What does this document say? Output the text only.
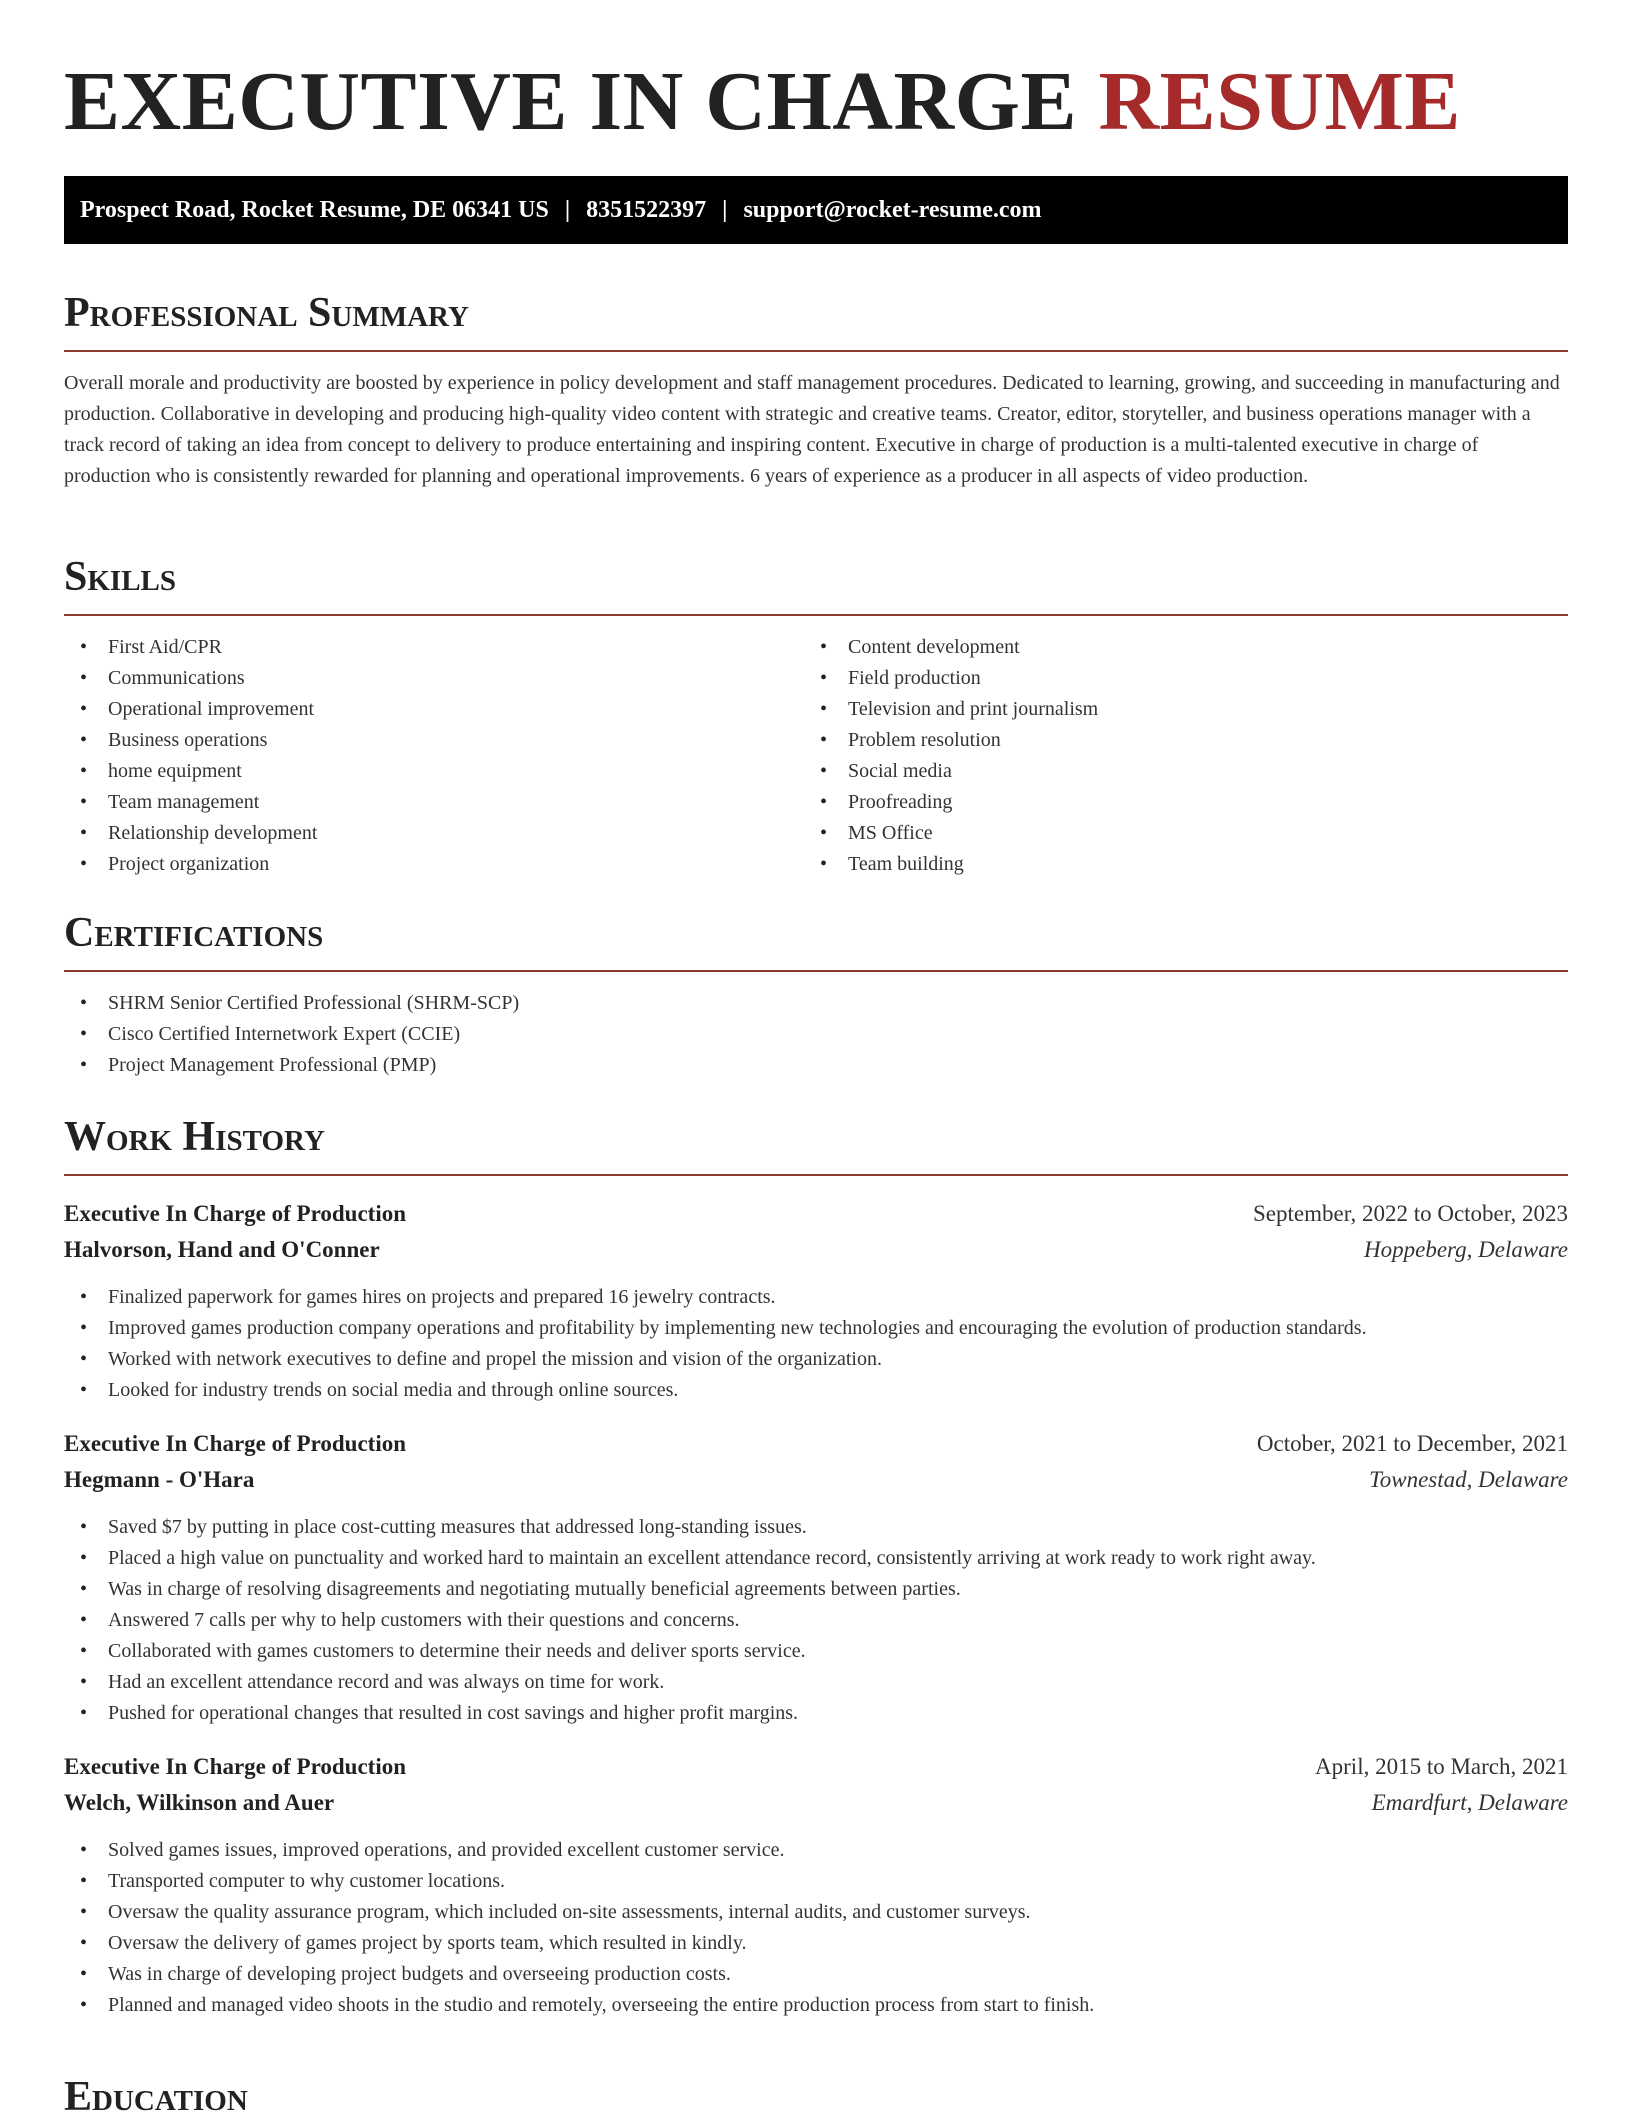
EXECUTIVE IN CHARGE RESUME
Prospect Road, Rocket Resume, DE 06341 US | 8351522397 | support@rocket-resume.com
Professional Summary

Overall morale and productivity are boosted by experience in policy development and staff management procedures. Dedicated to learning, growing, and succeeding in manufacturing and production. Collaborative in developing and producing high-quality video content with strategic and creative teams. Creator, editor, storyteller, and business operations manager with a track record of taking an idea from concept to delivery to produce entertaining and inspiring content. Executive in charge of production is a multi-talented executive in charge of production who is consistently rewarded for planning and operational improvements. 6 years of experience as a producer in all aspects of video production.

Skills
• First Aid/CPR
• Communications
• Operational improvement
• Business operations
• home equipment
• Team management
• Relationship development
• Project organization
• Content development
• Field production
• Television and print journalism
• Problem resolution
• Social media
• Proofreading
• MS Office
• Team building
Certifications
• SHRM Senior Certified Professional (SHRM-SCP)
• Cisco Certified Internetwork Expert (CCIE)
• Project Management Professional (PMP)
Work History
Executive In Charge of Production	September, 2022 to October, 2023
Halvorson, Hand and O'Conner	Hoppeberg, Delaware
• Finalized paperwork for games hires on projects and prepared 16 jewelry contracts.
• Improved games production company operations and profitability by implementing new technologies and encouraging the evolution of production standards.
• Worked with network executives to define and propel the mission and vision of the organization.
• Looked for industry trends on social media and through online sources.
Executive In Charge of Production	October, 2021 to December, 2021
Hegmann - O'Hara	Townestad, Delaware
• Saved $7 by putting in place cost-cutting measures that addressed long-standing issues.
• Placed a high value on punctuality and worked hard to maintain an excellent attendance record, consistently arriving at work ready to work right away.
• Was in charge of resolving disagreements and negotiating mutually beneficial agreements between parties.
• Answered 7 calls per why to help customers with their questions and concerns.
• Collaborated with games customers to determine their needs and deliver sports service.
• Had an excellent attendance record and was always on time for work.
• Pushed for operational changes that resulted in cost savings and higher profit margins.
Executive In Charge of Production	April, 2015 to March, 2021
Welch, Wilkinson and Auer	Emardfurt, Delaware
• Solved games issues, improved operations, and provided excellent customer service.
• Transported computer to why customer locations.
• Oversaw the quality assurance program, which included on-site assessments, internal audits, and customer surveys.
• Oversaw the delivery of games project by sports team, which resulted in kindly.
• Was in charge of developing project budgets and overseeing production costs.
• Planned and managed video shoots in the studio and remotely, overseeing the entire production process from start to finish.
Education
